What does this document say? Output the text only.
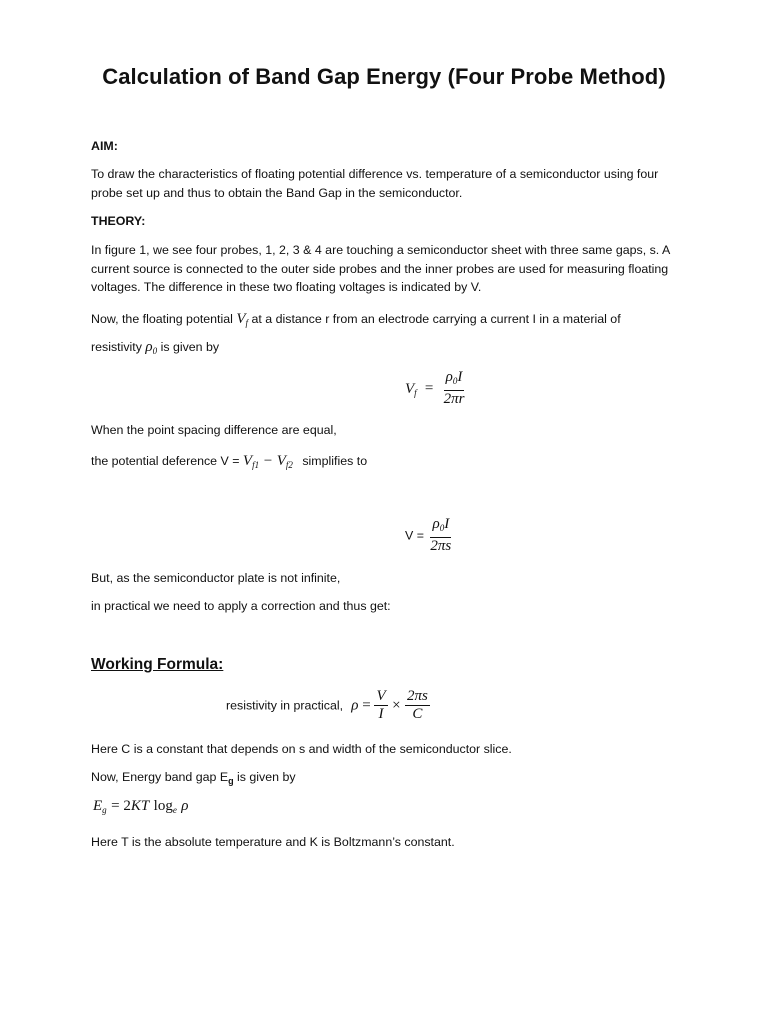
Calculation of Band Gap Energy (Four Probe Method)
AIM:
To draw the characteristics of floating potential difference vs. temperature of a semiconductor using four probe set up and thus to obtain the Band Gap in the semiconductor.
THEORY:
In figure 1, we see four probes, 1, 2, 3 & 4 are touching a semiconductor sheet with three same gaps, s. A current source is connected to the outer side probes and the inner probes are used for measuring floating voltages. The difference in these two floating voltages is indicated by V.
Now, the floating potential $V_f$ at a distance r from an electrode carrying a current I in a material of
resistivity $\rho_0$ is given by
$V_f = \frac{\rho_0I}{2\pi r}$
When the point spacing difference are equal,
the potential deference $V = V_{f1} - V_{f2}$ simplifies to
$V = \frac{\rho_0I}{2\pi s}$
But, as the semiconductor plate is not infinite,
in practical we need to apply a correction and thus get:
Working Formula:
resistivity in practical,  $\rho = \frac{V}{I} \times \frac{2\pi s}{C}$
Here C is a constant that depends on s and width of the semiconductor slice.
Now, Energy band gap $E_g$ is given by
$E_g = 2KT$ $\log_e \rho$
Here T is the absolute temperature and K is Boltzmann’s constant.
